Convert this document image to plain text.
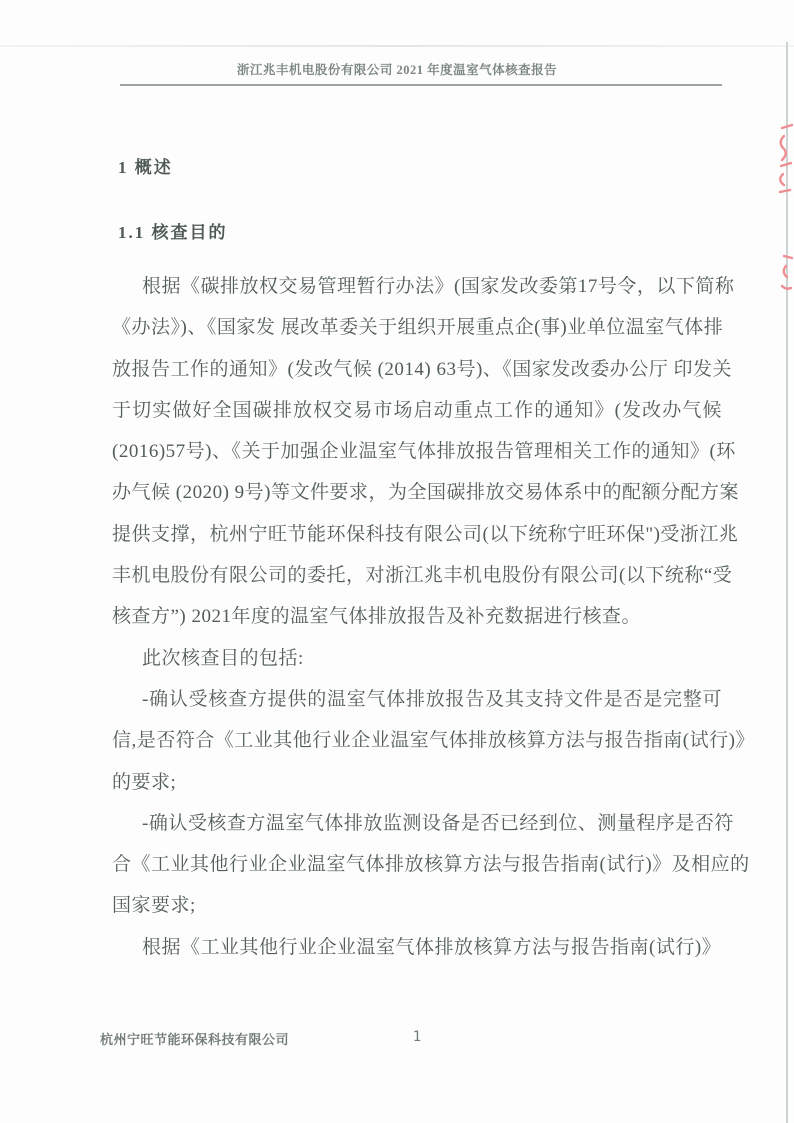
浙江兆丰机电股份有限公司 2021 年度温室气体核查报告
1 概述
1.1 核查目的
根据《碳排放权交易管理暂行办法》(国家发改委第17号令，以下简称
《办法》)、《国家发 展改革委关于组织开展重点企(事)业单位温室气体排
放报告工作的通知》(发改气候 (2014) 63号)、《国家发改委办公厅 印发关
于切实做好全国碳排放权交易市场启动重点工作的通知》(发改办气候
(2016)57号)、《关于加强企业温室气体排放报告管理相关工作的通知》(环
办气候 (2020) 9号)等文件要求，为全国碳排放交易体系中的配额分配方案
提供支撑，杭州宁旺节能环保科技有限公司(以下统称宁旺环保")受浙江兆
丰机电股份有限公司的委托，对浙江兆丰机电股份有限公司(以下统称“受
核查方”) 2021年度的温室气体排放报告及补充数据进行核查。
此次核查目的包括:
-确认受核查方提供的温室气体排放报告及其支持文件是否是完整可
信,是否符合《工业其他行业企业温室气体排放核算方法与报告指南(试行)》
的要求;
-确认受核查方温室气体排放监测设备是否已经到位、测量程序是否符
合《工业其他行业企业温室气体排放核算方法与报告指南(试行)》及相应的
国家要求;
根据《工业其他行业企业温室气体排放核算方法与报告指南(试行)》
杭州宁旺节能环保科技有限公司	1
